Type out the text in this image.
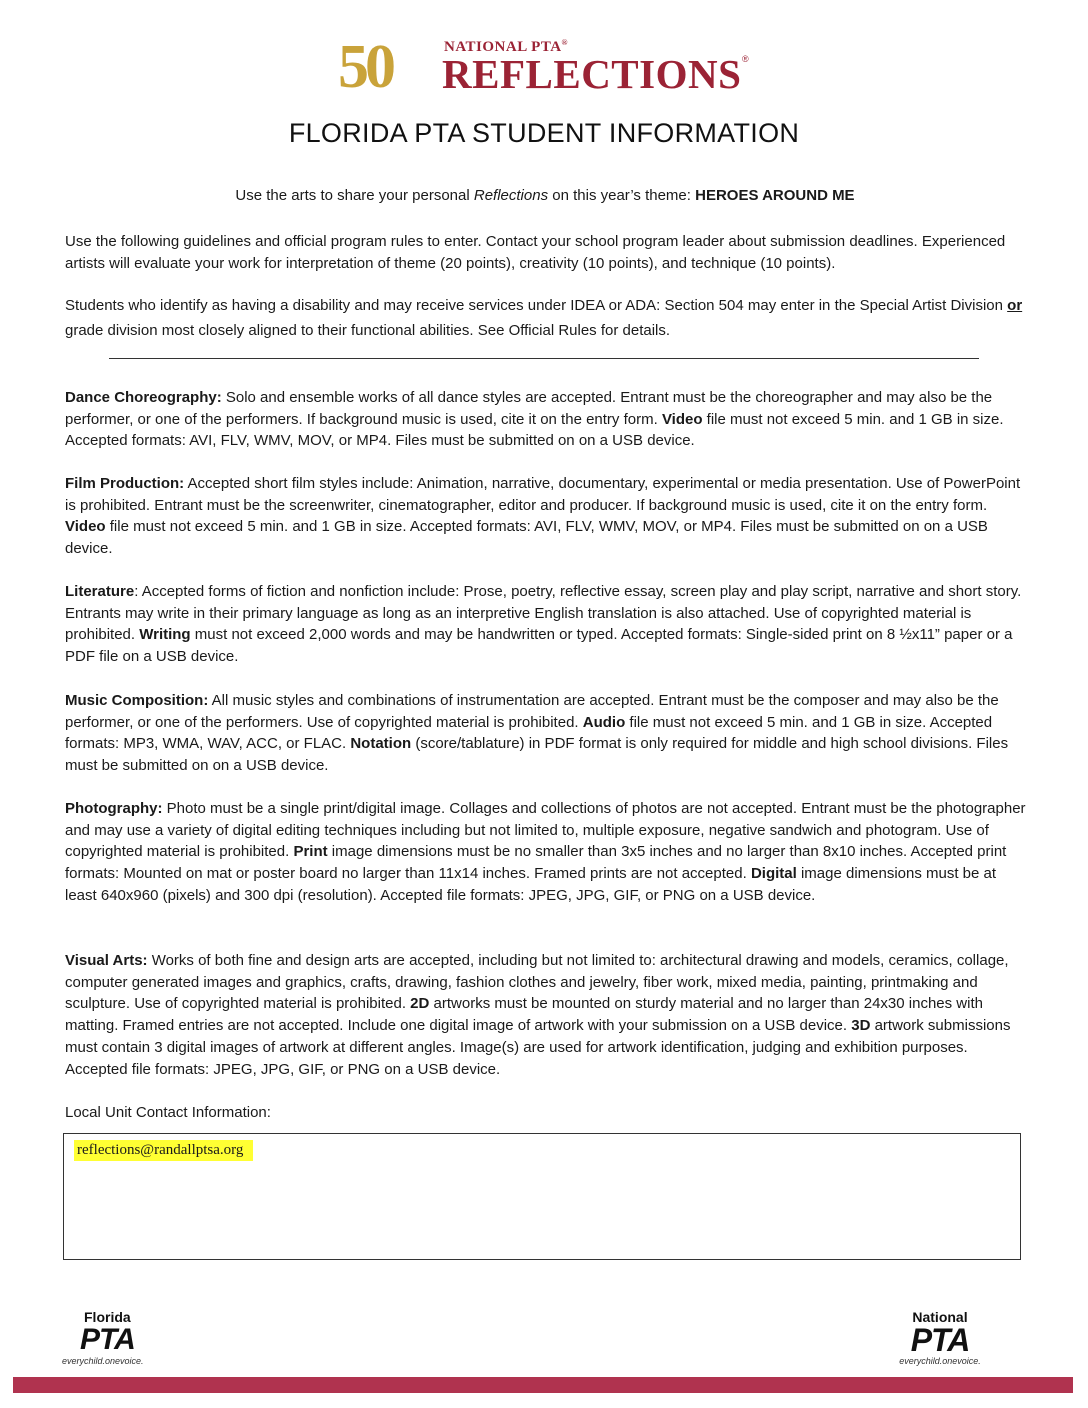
50	NATIONAL PTA®
REFLECTIONS ®
FLORIDA PTA STUDENT INFORMATION
Use the arts to share your personal Reflections on this year’s theme: HEROES AROUND ME

Use the following guidelines and official program rules to enter. Contact your school program leader about submission deadlines. Experienced artists will evaluate your work for interpretation of theme (20 points), creativity (10 points), and technique (10 points).

Students who identify as having a disability and may receive services under IDEA or ADA: Section 504 may enter in the Special Artist Division or grade division most closely aligned to their functional abilities. See Official Rules for details.

Dance Choreography: Solo and ensemble works of all dance styles are accepted. Entrant must be the choreographer and may also be the performer, or one of the performers. If background music is used, cite it on the entry form. Video file must not exceed 5 min. and 1 GB in size. Accepted formats: AVI, FLV, WMV, MOV, or MP4. Files must be submitted on on a USB device.

Film Production: Accepted short film styles include: Animation, narrative, documentary, experimental or media presentation. Use of PowerPoint is prohibited. Entrant must be the screenwriter, cinematographer, editor and producer. If background music is used, cite it on the entry form. Video file must not exceed 5 min. and 1 GB in size. Accepted formats: AVI, FLV, WMV, MOV, or MP4. Files must be submitted on on a USB device.

Literature: Accepted forms of fiction and nonfiction include: Prose, poetry, reflective essay, screen play and play script, narrative and short story. Entrants may write in their primary language as long as an interpretive English translation is also attached. Use of copyrighted material is prohibited. Writing must not exceed 2,000 words and may be handwritten or typed. Accepted formats: Single-sided print on 8 ½x11” paper or a PDF file on a USB device.

Music Composition: All music styles and combinations of instrumentation are accepted. Entrant must be the composer and may also be the performer, or one of the performers. Use of copyrighted material is prohibited. Audio file must not exceed 5 min. and 1 GB in size. Accepted formats: MP3, WMA, WAV, ACC, or FLAC. Notation (score/tablature) in PDF format is only required for middle and high school divisions. Files must be submitted on on a USB device.

Photography: Photo must be a single print/digital image. Collages and collections of photos are not accepted. Entrant must be the photographer and may use a variety of digital editing techniques including but not limited to, multiple exposure, negative sandwich and photogram. Use of copyrighted material is prohibited. Print image dimensions must be no smaller than 3x5 inches and no larger than 8x10 inches. Accepted print formats: Mounted on mat or poster board no larger than 11x14 inches. Framed prints are not accepted. Digital image dimensions must be at least 640x960 (pixels) and 300 dpi (resolution). Accepted file formats: JPEG, JPG, GIF, or PNG on a USB device.

Visual Arts: Works of both fine and design arts are accepted, including but not limited to: architectural drawing and models, ceramics, collage, computer generated images and graphics, crafts, drawing, fashion clothes and jewelry, fiber work, mixed media, painting, printmaking and sculpture. Use of copyrighted material is prohibited. 2D artworks must be mounted on sturdy material and no larger than 24x30 inches with matting. Framed entries are not accepted. Include one digital image of artwork with your submission on a USB device. 3D artwork submissions must contain 3 digital images of artwork at different angles. Image(s) are used for artwork identification, judging and exhibition purposes. Accepted file formats: JPEG, JPG, GIF, or PNG on a USB device.

Local Unit Contact Information:
reflections@randallptsa.org
Florida
PTA
everychild.onevoice.
National
PTA
everychild.onevoice.
